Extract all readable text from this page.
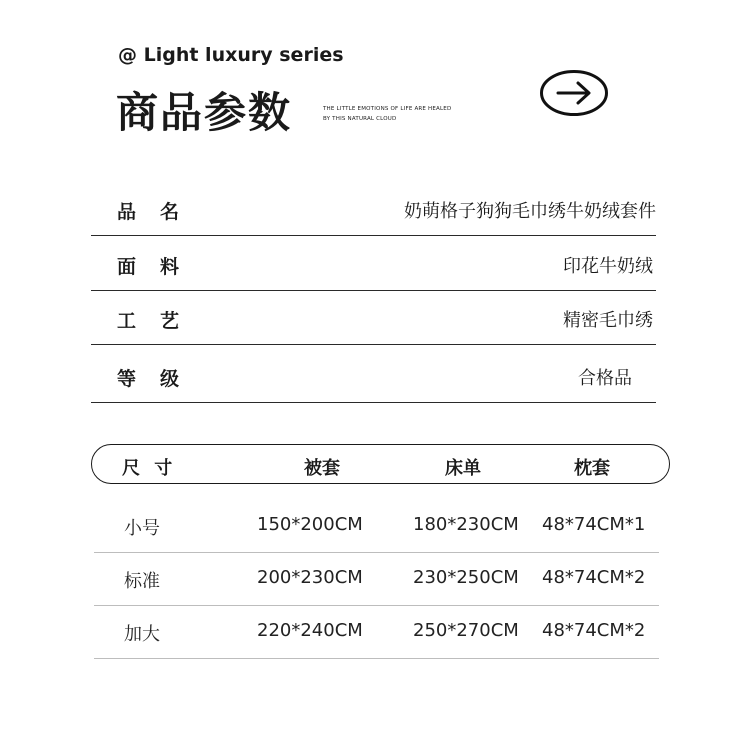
@ Light luxury series
商品参数	THE LITTLE EMOTIONS OF LIFE ARE HEALED
BY THIS NATURAL CLOUD
品名	奶萌格子狗狗毛巾绣牛奶绒套件
面料	印花牛奶绒
工艺	精密毛巾绣
等级	合格品
尺 寸	被套	床单	枕套
小号	150*200CM	180*230CM 48*74CM*1
标准	200*230CM	230*250CM 48*74CM*2
加大	220*240CM	250*270CM 48*74CM*2
